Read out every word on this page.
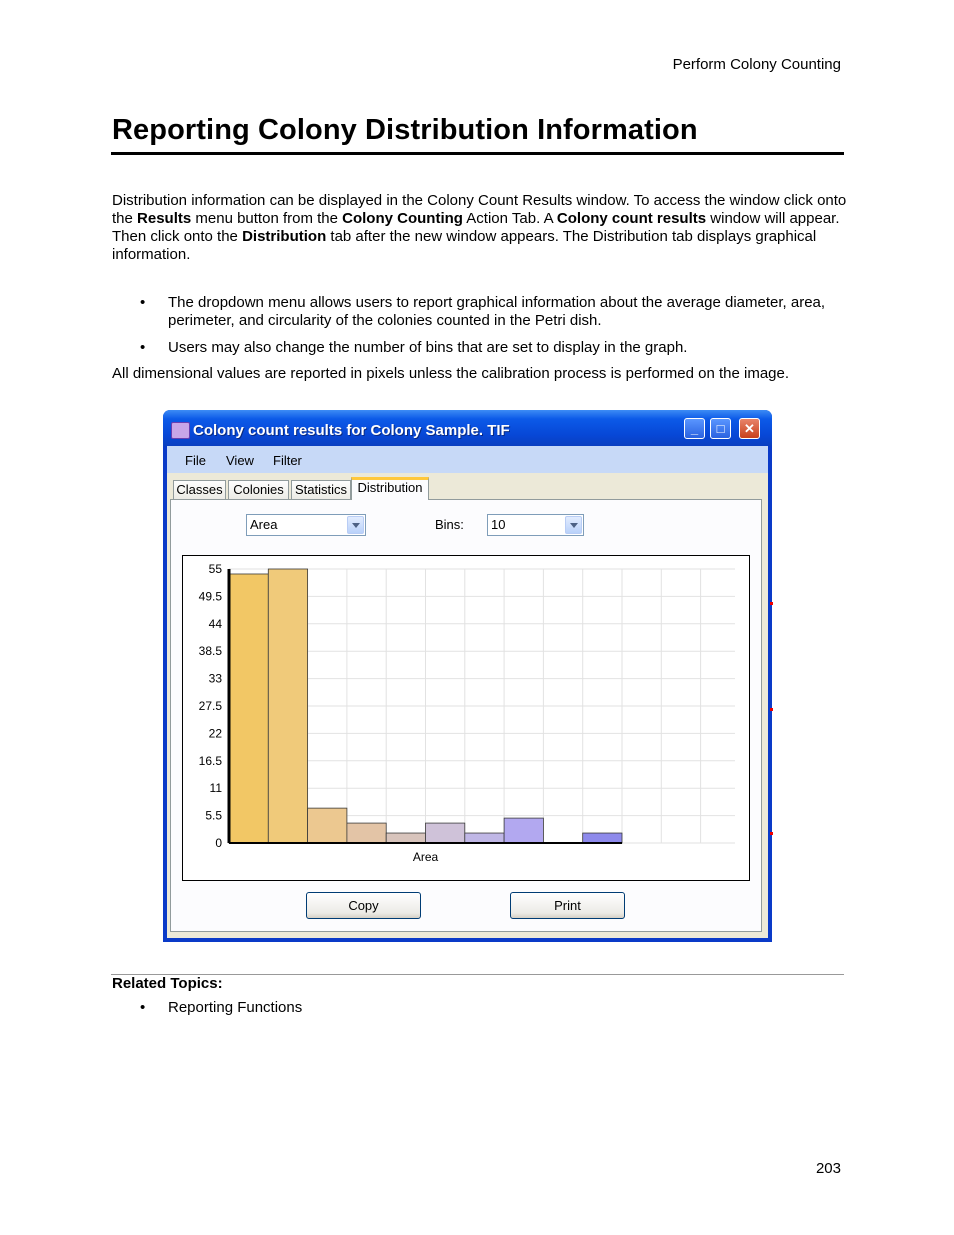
Perform Colony Counting
Reporting Colony Distribution Information
Distribution information can be displayed in the Colony Count Results window. To access the window click onto the Results menu button from the Colony Counting Action Tab. A Colony count results window will appear. Then click onto the Distribution tab after the new window appears. The Distribution tab displays graphical information.
• The dropdown menu allows users to report graphical information about the average diameter, area, perimeter, and circularity of the colonies counted in the Petri dish.
• Users may also change the number of bins that are set to display in the graph.
All dimensional values are reported in pixels unless the calibration process is performed on the image.
Colony count results for Colony Sample. TIF	_	□	✕
File View Filter
Classes Colonies Statistics Distribution
Area	Bins:	10
0
5.5
11
16.5
22
27.5
33
38.5
44
49.5
55
Area
Copy	Print
Related Topics:
• Reporting Functions
203
